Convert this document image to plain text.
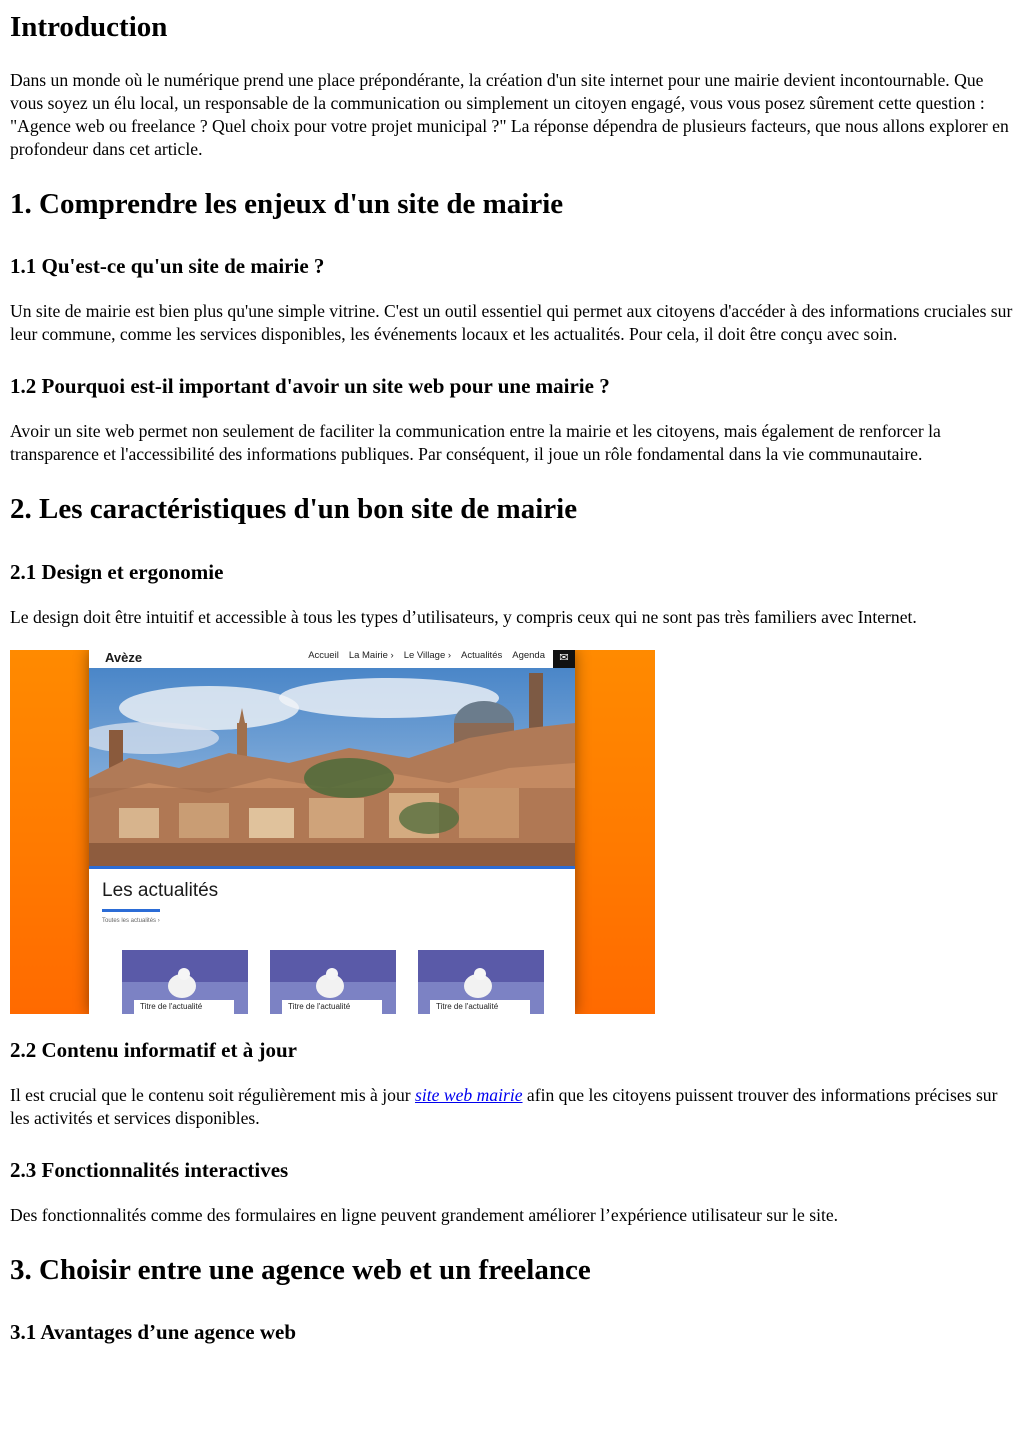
Introduction

Dans un monde où le numérique prend une place prépondérante, la création d'un site internet pour une mairie devient incontournable. Que vous soyez un élu local, un responsable de la communication ou simplement un citoyen engagé, vous vous posez sûrement cette question : "Agence web ou freelance ? Quel choix pour votre projet municipal ?" La réponse dépendra de plusieurs facteurs, que nous allons explorer en profondeur dans cet article.

1. Comprendre les enjeux d'un site de mairie
1.1 Qu'est-ce qu'un site de mairie ?

Un site de mairie est bien plus qu'une simple vitrine. C'est un outil essentiel qui permet aux citoyens d'accéder à des informations cruciales sur leur commune, comme les services disponibles, les événements locaux et les actualités. Pour cela, il doit être conçu avec soin.

1.2 Pourquoi est-il important d'avoir un site web pour une mairie ?

Avoir un site web permet non seulement de faciliter la communication entre la mairie et les citoyens, mais également de renforcer la transparence et l'accessibilité des informations publiques. Par conséquent, il joue un rôle fondamental dans la vie communautaire.

2. Les caractéristiques d'un bon site de mairie
2.1 Design et ergonomie

Le design doit être intuitif et accessible à tous les types d’utilisateurs, y compris ceux qui ne sont pas très familiers avec Internet.

Avèze	Accueil La Mairie › Le Village › Actualités Agenda	✉
Les actualités
Toutes les actualités ›
Titre de l'actualité	Titre de l'actualité	Titre de l'actualité
2.2 Contenu informatif et à jour

Il est crucial que le contenu soit régulièrement mis à jour site web mairie afin que les citoyens puissent trouver des informations précises sur les activités et services disponibles.

2.3 Fonctionnalités interactives

Des fonctionnalités comme des formulaires en ligne peuvent grandement améliorer l’expérience utilisateur sur le site.

3. Choisir entre une agence web et un freelance
3.1 Avantages d’une agence web
